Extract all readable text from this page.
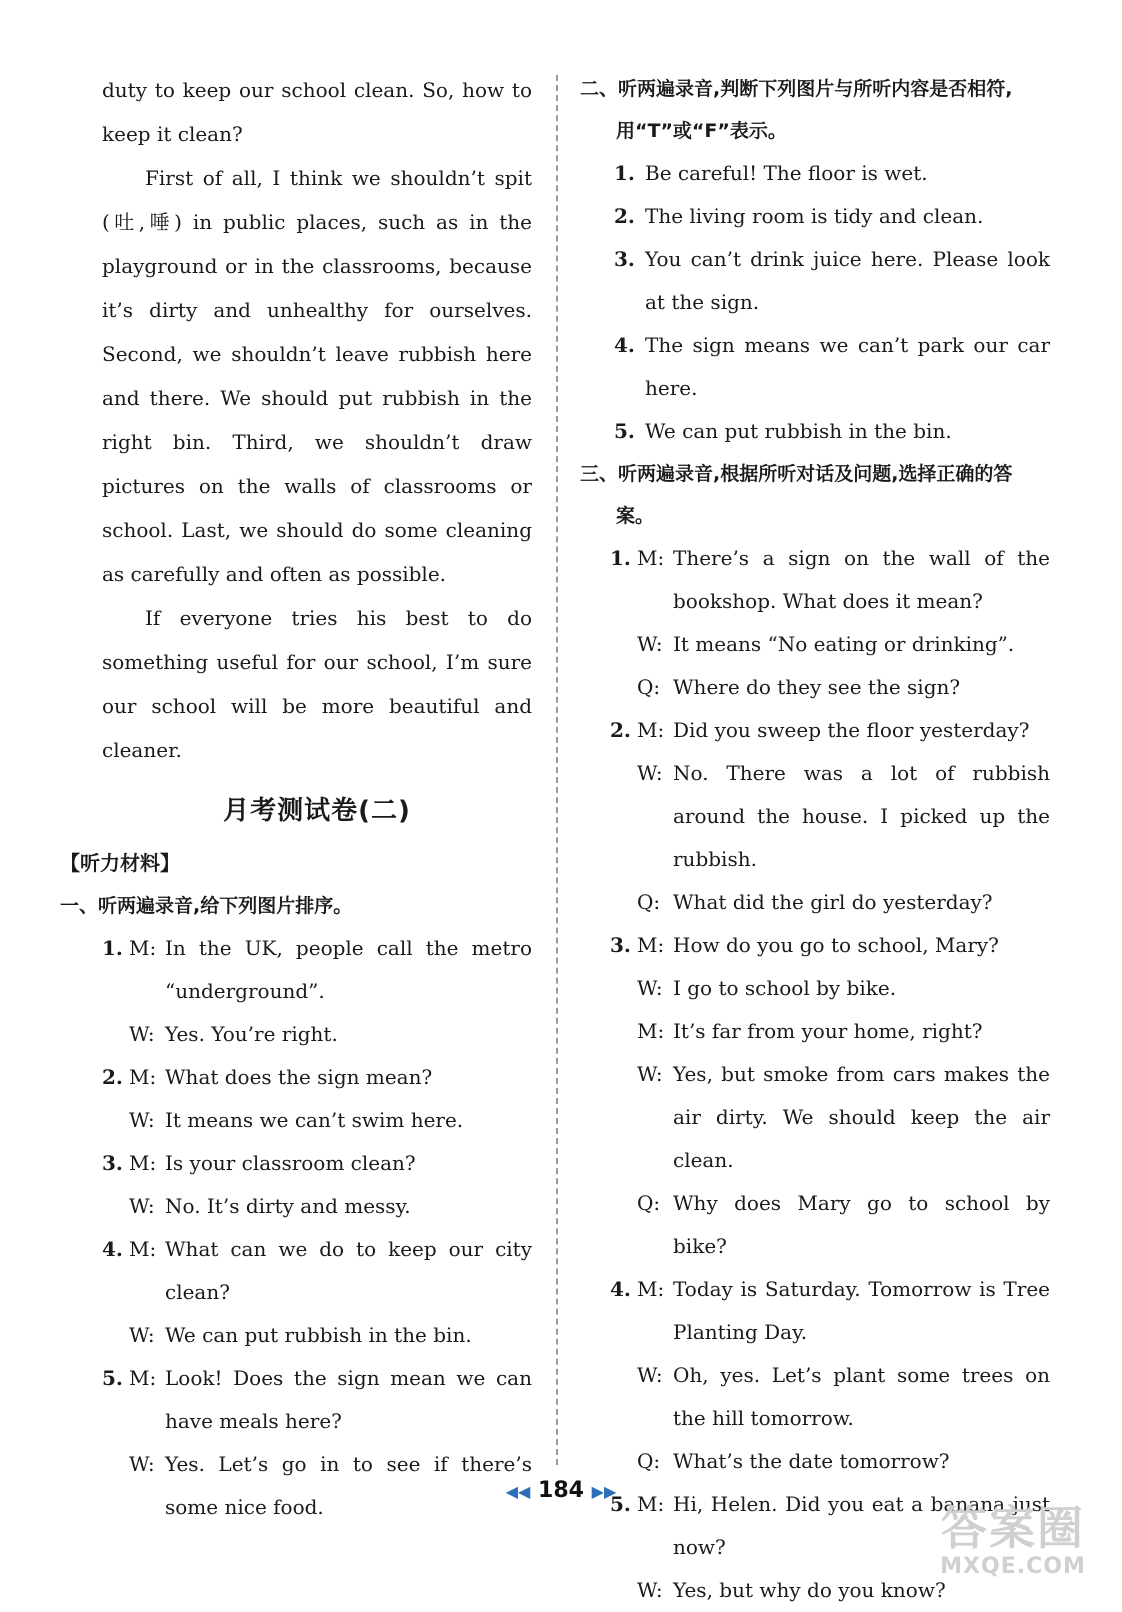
duty to keep our school clean. So, how to keep it clean?

First of all, I think we shouldn’t spit (吐,唾) in public places, such as in the playground or in the classrooms, because it’s dirty and unhealthy for ourselves. Second, we shouldn’t leave rubbish here and there. We should put rubbish in the right bin. Third, we shouldn’t draw pictures on the walls of classrooms or school. Last, we should do some cleaning as carefully and often as possible.

If everyone tries his best to do something useful for our school, I’m sure our school will be more beautiful and cleaner.

月考测试卷(二)
【听力材料】
一、听两遍录音,给下列图片排序。
1. M: In the UK, people call the metro “underground”.
W: Yes. You’re right.
2. M: What does the sign mean?
W: It means we can’t swim here.
3. M: Is your classroom clean?
W: No. It’s dirty and messy.
4. M: What can we do to keep our city clean?
W: We can put rubbish in the bin.
5. M: Look! Does the sign mean we can have meals here?
W: Yes. Let’s go in to see if there’s some nice food.
二、听两遍录音,判断下列图片与所听内容是否相符,用“T”或“F”表示。
1. Be careful! The floor is wet.
2. The living room is tidy and clean.
3. You can’t drink juice here. Please look at the sign.
4. The sign means we can’t park our car here.
5. We can put rubbish in the bin.
三、听两遍录音,根据所听对话及问题,选择正确的答案。
1. M: There’s a sign on the wall of the bookshop. What does it mean?
W: It means “No eating or drinking”.
Q: Where do they see the sign?
2. M: Did you sweep the floor yesterday?
W: No. There was a lot of rubbish around the house. I picked up the rubbish.
Q: What did the girl do yesterday?
3. M: How do you go to school, Mary?
W: I go to school by bike.
M: It’s far from your home, right?
W: Yes, but smoke from cars makes the air dirty. We should keep the air clean.
Q: Why does Mary go to school by bike?
4. M: Today is Saturday. Tomorrow is Tree Planting Day.
W: Oh, yes. Let’s plant some trees on the hill tomorrow.
Q: What’s the date tomorrow?
5. M: Hi, Helen. Did you eat a banana just now?
W: Yes, but why do you know?
◀◀ 184 ▶▶
答案圈
MXQE.COM
